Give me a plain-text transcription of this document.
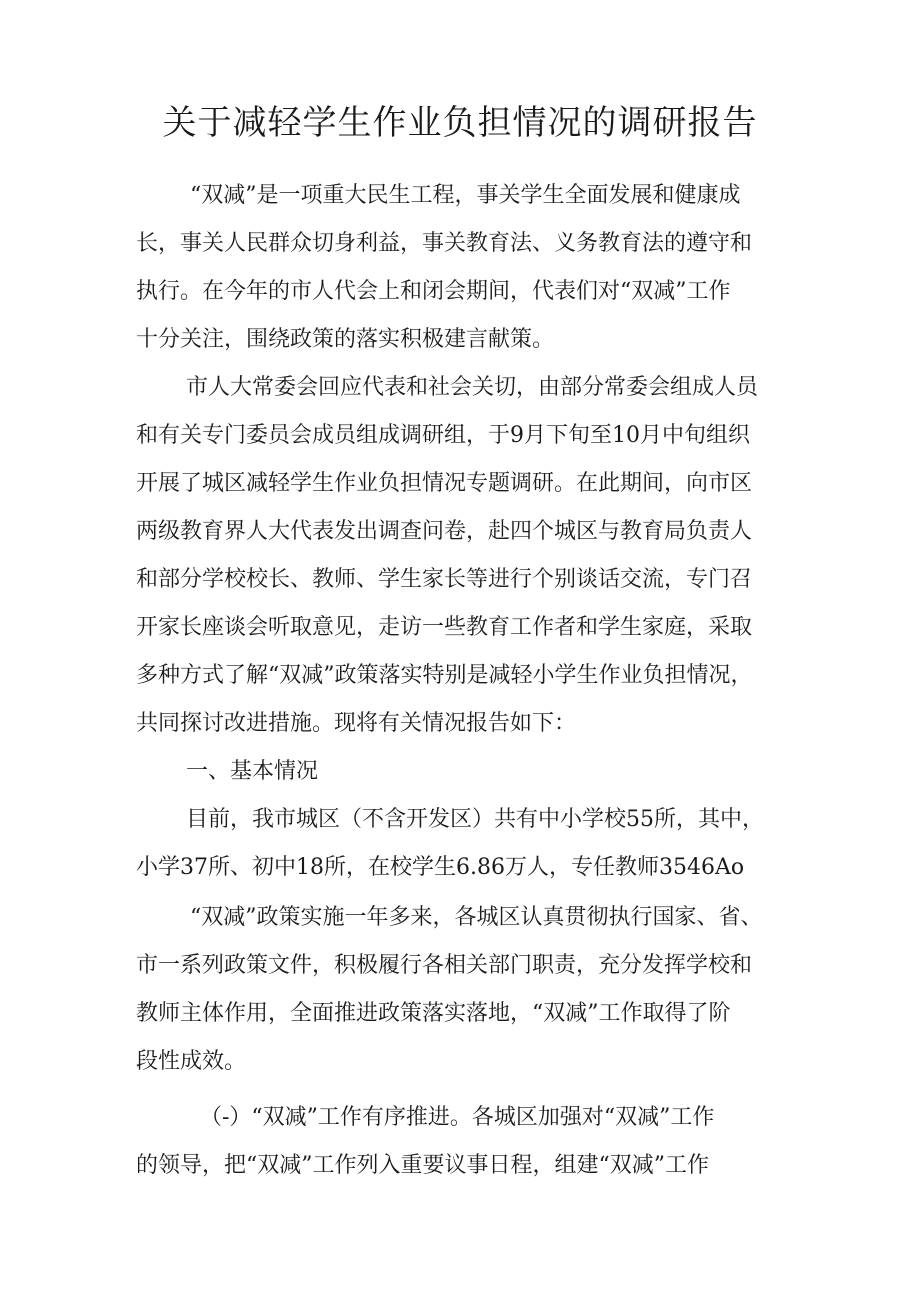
关于减轻学生作业负担情况的调研报告
“双减”是一项重大民生工程，事关学生全面发展和健康成
长，事关人民群众切身利益，事关教育法、义务教育法的遵守和
执行。在今年的市人代会上和闭会期间，代表们对“双减”工作
十分关注，围绕政策的落实积极建言献策。
市人大常委会回应代表和社会关切，由部分常委会组成人员
和有关专门委员会成员组成调研组，于9月下旬至10月中旬组织
开展了城区减轻学生作业负担情况专题调研。在此期间，向市区
两级教育界人大代表发出调查问卷，赴四个城区与教育局负责人
和部分学校校长、教师、学生家长等进行个别谈话交流，专门召
开家长座谈会听取意见，走访一些教育工作者和学生家庭，采取
多种方式了解“双减”政策落实特别是减轻小学生作业负担情况，
共同探讨改进措施。现将有关情况报告如下：
一、基本情况
目前，我市城区（不含开发区）共有中小学校55所，其中，
小学37所、初中18所，在校学生6.86万人，专任教师3546Ao
“双减”政策实施一年多来，各城区认真贯彻执行国家、省、
市一系列政策文件，积极履行各相关部门职责，充分发挥学校和
教师主体作用，全面推进政策落实落地，“双减”工作取得了阶
段性成效。
（-）“双减”工作有序推进。各城区加强对“双减”工作
的领导，把“双减”工作列入重要议事日程，组建“双减”工作
